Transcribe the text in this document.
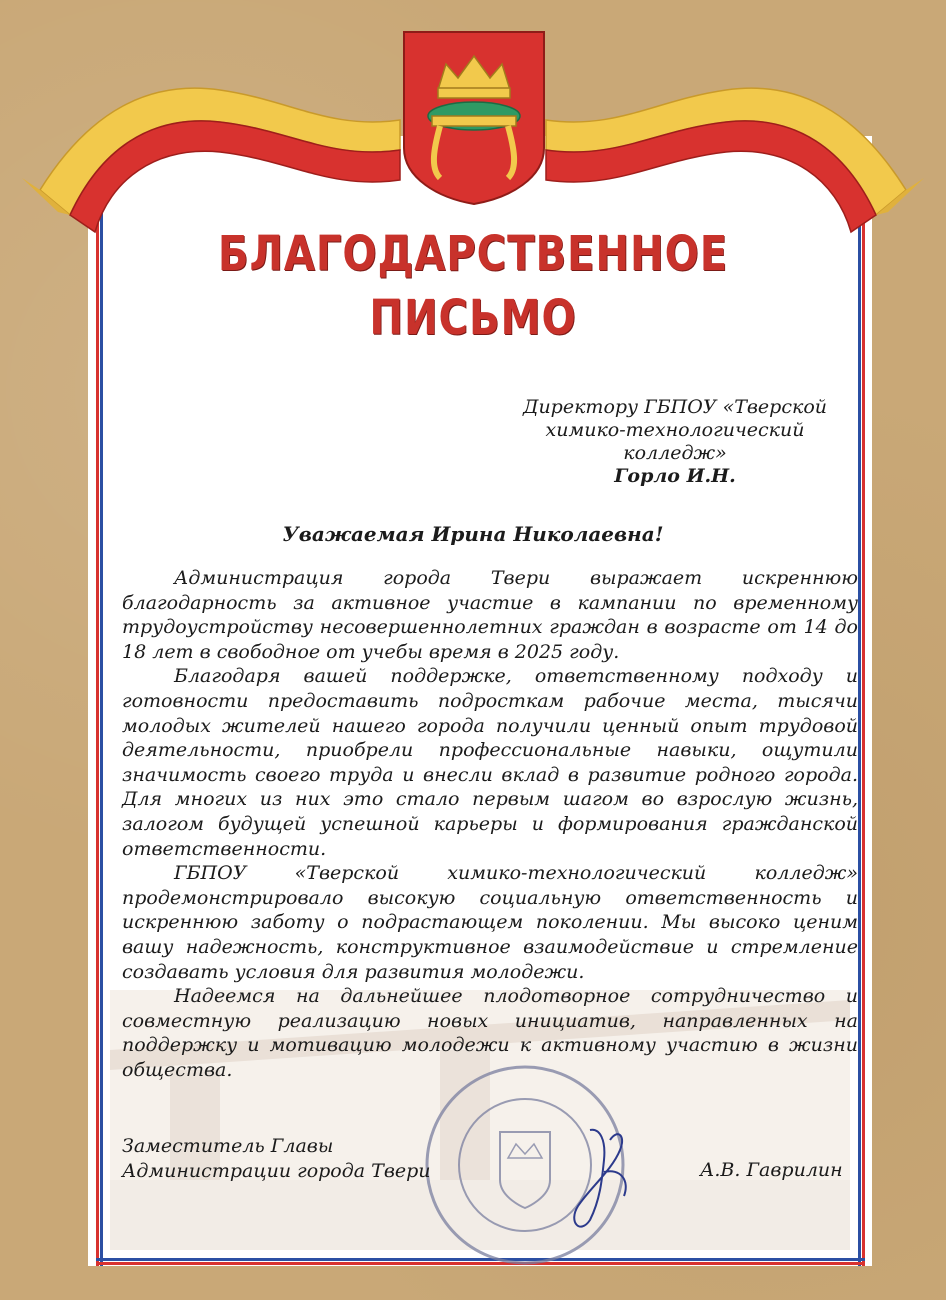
БЛАГОДАРСТВЕННОЕ
ПИСЬМО
Директору ГБПОУ «Тверской
химико-технологический
колледж»
Горло И.Н.
Уважаемая Ирина Николаевна!

Администрация города Твери выражает искреннюю благодарность за активное участие в кампании по временному трудоустройству несовершеннолетних граждан в возрасте от 14 до 18 лет в свободное от учебы время в 2025 году.

Благодаря вашей поддержке, ответственному подходу и готовности предоставить подросткам рабочие места, тысячи молодых жителей нашего города получили ценный опыт трудовой деятельности, приобрели профессиональные навыки, ощутили значимость своего труда и внесли вклад в развитие родного города. Для многих из них это стало первым шагом во взрослую жизнь, залогом будущей успешной карьеры и формирования гражданской ответственности.

ГБПОУ «Тверской химико-технологический колледж» продемонстрировало высокую социальную ответственность и искреннюю заботу о подрастающем поколении. Мы высоко ценим вашу надежность, конструктивное взаимодействие и стремление создавать условия для развития молодежи.

Надеемся на дальнейшее плодотворное сотрудничество и совместную реализацию новых инициатив, направленных на поддержку и мотивацию молодежи к активному участию в жизни общества.

Заместитель Главы
Администрации города Твери	А.В. Гаврилин
